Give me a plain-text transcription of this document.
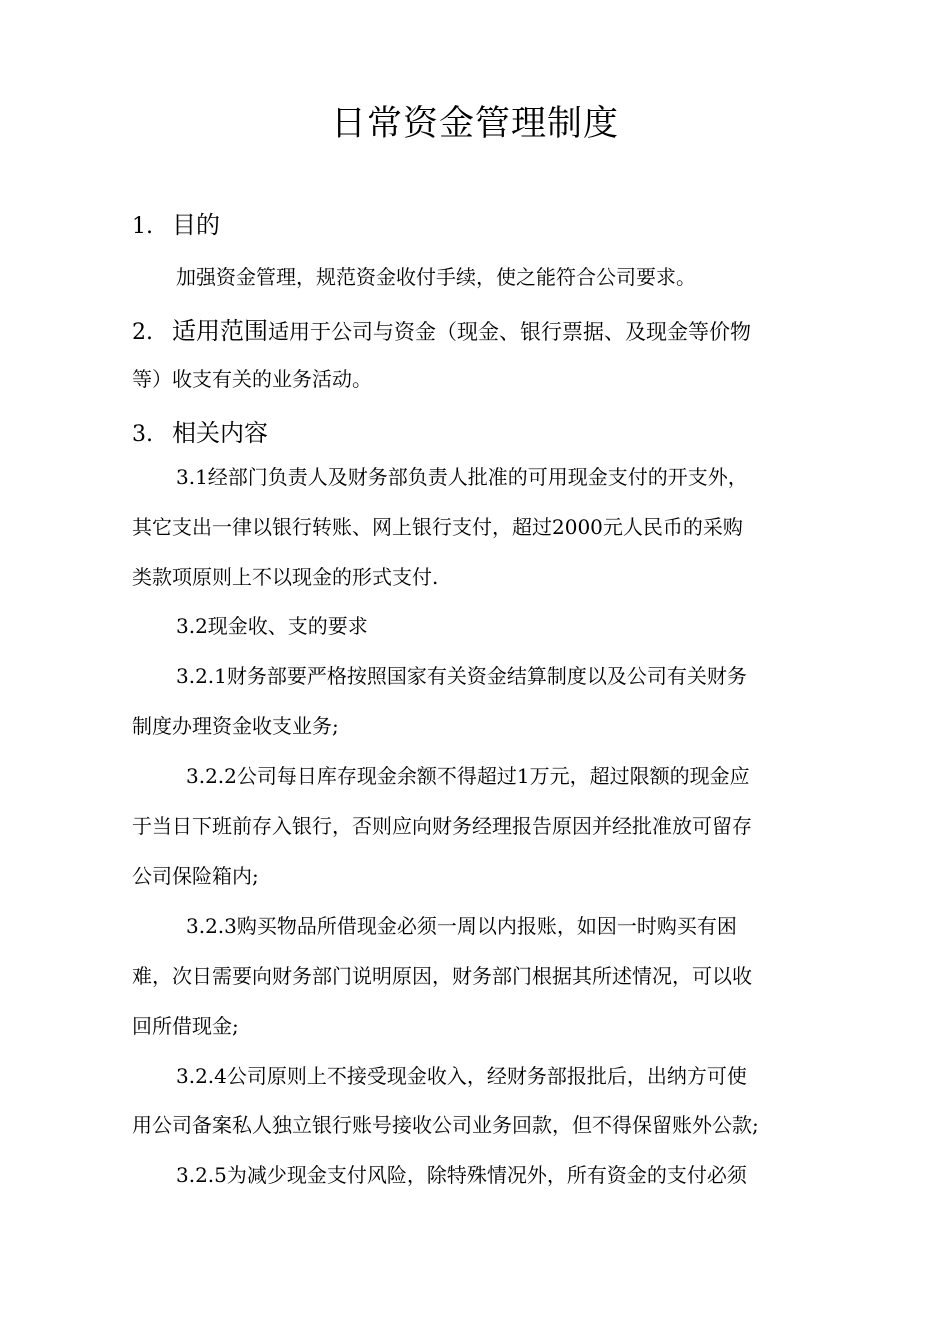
日常资金管理制度
1. 目的
加强资金管理，规范资金收付手续，使之能符合公司要求。
2. 适用范围适用于公司与资金（现金、银行票据、及现金等价物
等）收支有关的业务活动。
3. 相关内容
3.1经部门负责人及财务部负责人批准的可用现金支付的开支外，
其它支出一律以银行转账、网上银行支付，超过2000元人民币的采购
类款项原则上不以现金的形式支付.
3.2现金收、支的要求
3.2.1财务部要严格按照国家有关资金结算制度以及公司有关财务
制度办理资金收支业务;
3.2.2公司每日库存现金余额不得超过1万元，超过限额的现金应
于当日下班前存入银行，否则应向财务经理报告原因并经批准放可留存
公司保险箱内;
3.2.3购买物品所借现金必须一周以内报账，如因一时购买有困
难，次日需要向财务部门说明原因，财务部门根据其所述情况，可以收
回所借现金;
3.2.4公司原则上不接受现金收入，经财务部报批后，出纳方可使
用公司备案私人独立银行账号接收公司业务回款，但不得保留账外公款;
3.2.5为减少现金支付风险，除特殊情况外，所有资金的支付必须
